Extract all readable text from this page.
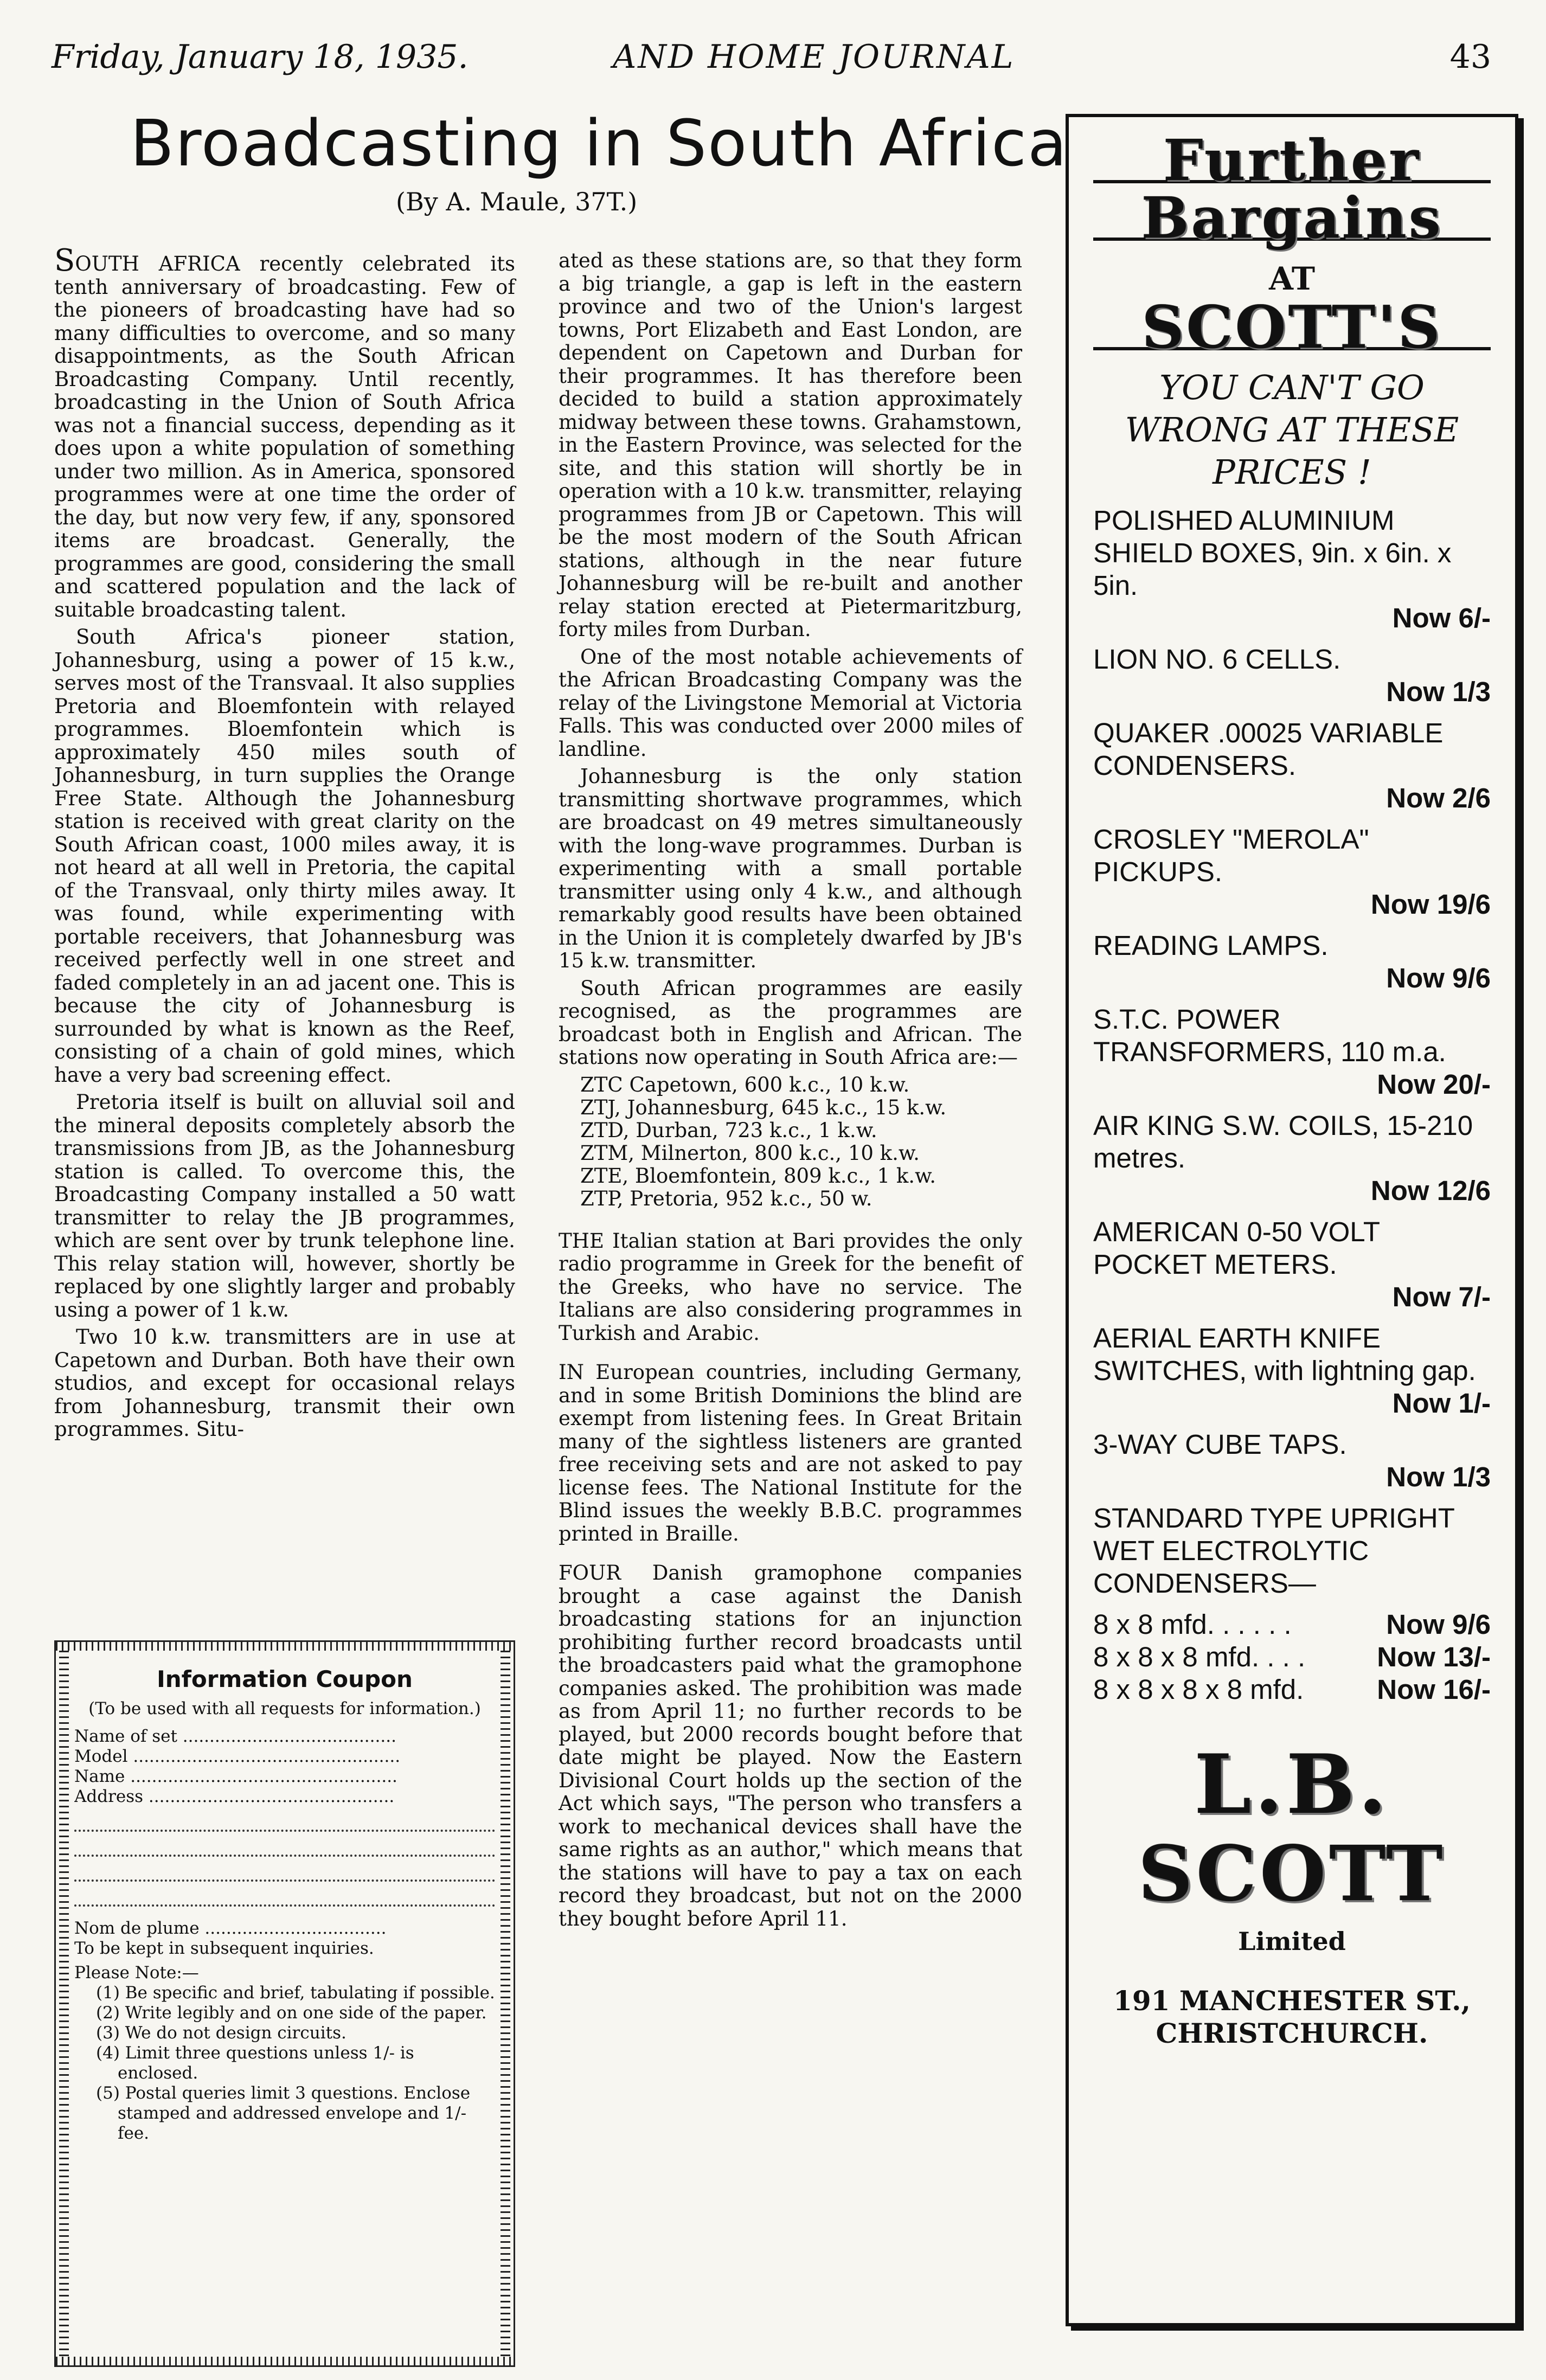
Friday, January 18, 1935.	AND HOME JOURNAL	43
Broadcasting in South Africa
(By A. Maule, 37T.)

SOUTH AFRICA recently celebrated its tenth anniversary of broadcasting. Few of the pioneers of broadcasting have had so many difficulties to overcome, and so many disappointments, as the South African Broadcasting Company. Until recently, broadcasting in the Union of South Africa was not a financial success, depending as it does upon a white population of something under two million. As in America, sponsored programmes were at one time the order of the day, but now very few, if any, sponsored items are broadcast. Generally, the programmes are good, considering the small and scattered population and the lack of suitable broadcasting talent.

South Africa's pioneer station, Johannesburg, using a power of 15 k.w., serves most of the Transvaal. It also supplies Pretoria and Bloemfontein with relayed programmes. Bloemfontein which is approximately 450 miles south of Johannesburg, in turn supplies the Orange Free State. Although the Johannesburg station is received with great clarity on the South African coast, 1000 miles away, it is not heard at all well in Pretoria, the capital of the Transvaal, only thirty miles away. It was found, while experimenting with portable receivers, that Johannesburg was received perfectly well in one street and faded completely in an ad jacent one. This is because the city of Johannesburg is surrounded by what is known as the Reef, consisting of a chain of gold mines, which have a very bad screening effect.

Pretoria itself is built on alluvial soil and the mineral deposits completely absorb the transmissions from JB, as the Johannesburg station is called. To overcome this, the Broadcasting Company installed a 50 watt transmitter to relay the JB programmes, which are sent over by trunk telephone line. This relay station will, however, shortly be replaced by one slightly larger and probably using a power of 1 k.w.

Two 10 k.w. transmitters are in use at Capetown and Durban. Both have their own studios, and except for occasional relays from Johannesburg, transmit their own programmes. Situ-

Information Coupon
(To be used with all requests for information.)
Name of set ........................................
Model ..................................................
Name ..................................................
Address ..............................................
Nom de plume ..................................
To be kept in subsequent inquiries.
Please Note:—
(1) Be specific and brief, tabulating if possible.
(2) Write legibly and on one side of the paper.
(3) We do not design circuits.
(4) Limit three questions unless 1/- is enclosed.
(5) Postal queries limit 3 questions. Enclose stamped and addressed envelope and 1/- fee.

ated as these stations are, so that they form a big triangle, a gap is left in the eastern province and two of the Union's largest towns, Port Elizabeth and East London, are dependent on Capetown and Durban for their programmes. It has therefore been decided to build a station approximately midway between these towns. Grahamstown, in the Eastern Province, was selected for the site, and this station will shortly be in operation with a 10 k.w. transmitter, relaying programmes from JB or Capetown. This will be the most modern of the South African stations, although in the near future Johannesburg will be re-built and another relay station erected at Pietermaritzburg, forty miles from Durban.

One of the most notable achievements of the African Broadcasting Company was the relay of the Livingstone Memorial at Victoria Falls. This was conducted over 2000 miles of landline.

Johannesburg is the only station transmitting shortwave programmes, which are broadcast on 49 metres simultaneously with the long-wave programmes. Durban is experimenting with a small portable transmitter using only 4 k.w., and although remarkably good results have been obtained in the Union it is completely dwarfed by JB's 15 k.w. transmitter.

South African programmes are easily recognised, as the programmes are broadcast both in English and African. The stations now operating in South Africa are:—

ZTC Capetown, 600 k.c., 10 k.w.
ZTJ, Johannesburg, 645 k.c., 15 k.w.
ZTD, Durban, 723 k.c., 1 k.w.
ZTM, Milnerton, 800 k.c., 10 k.w.
ZTE, Bloemfontein, 809 k.c., 1 k.w.
ZTP, Pretoria, 952 k.c., 50 w.

THE Italian station at Bari provides the only radio programme in Greek for the benefit of the Greeks, who have no service. The Italians are also considering programmes in Turkish and Arabic.

IN European countries, including Germany, and in some British Dominions the blind are exempt from listening fees. In Great Britain many of the sightless listeners are granted free receiving sets and are not asked to pay license fees. The National Institute for the Blind issues the weekly B.B.C. programmes printed in Braille.

FOUR Danish gramophone companies brought a case against the Danish broadcasting stations for an injunction prohibiting further record broadcasts until the broadcasters paid what the gramophone companies asked. The prohibition was made as from April 11; no further records to be played, but 2000 records bought before that date might be played. Now the Eastern Divisional Court holds up the section of the Act which says, "The person who transfers a work to mechanical devices shall have the same rights as an author," which means that the stations will have to pay a tax on each record they broadcast, but not on the 2000 they bought before April 11.

Further
Bargains
AT
SCOTT'S
YOU CAN'T GO WRONG AT THESE PRICES !
POLISHED ALUMINIUM SHIELD BOXES, 9in. x 6in. x 5in.
Now 6/-
LION NO. 6 CELLS.
Now 1/3
QUAKER .00025 VARIABLE CONDENSERS.
Now 2/6
CROSLEY "MEROLA" PICKUPS.
Now 19/6
READING LAMPS.
Now 9/6
S.T.C. POWER TRANSFORMERS, 110 m.a.
Now 20/-
AIR KING S.W. COILS, 15-210 metres.
Now 12/6
AMERICAN 0-50 VOLT POCKET METERS.
Now 7/-
AERIAL EARTH KNIFE SWITCHES, with lightning gap.
Now 1/-
3-WAY CUBE TAPS.
Now 1/3
STANDARD TYPE UPRIGHT WET ELECTROLYTIC CONDENSERS—
8 x 8 mfd. . . . . .	Now 9/6
8 x 8 x 8 mfd. . . .	Now 13/-
8 x 8 x 8 x 8 mfd.	Now 16/-
L.B.
SCOTT
Limited
191 MANCHESTER ST.,
CHRISTCHURCH.
